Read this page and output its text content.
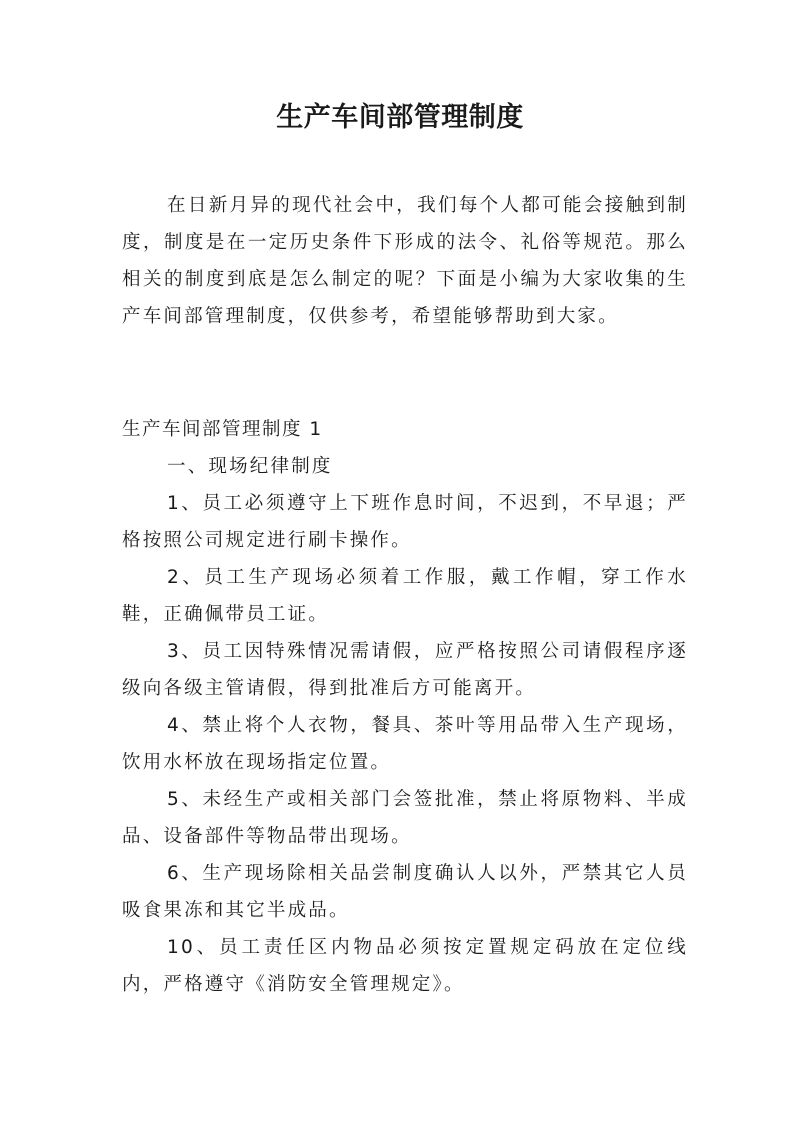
生产车间部管理制度

在日新月异的现代社会中，我们每个人都可能会接触到制度，制度是在一定历史条件下形成的法令、礼俗等规范。那么相关的制度到底是怎么制定的呢？下面是小编为大家收集的生产车间部管理制度，仅供参考，希望能够帮助到大家。

生产车间部管理制度 1

一、现场纪律制度

1、员工必须遵守上下班作息时间，不迟到，不早退；严格按照公司规定进行刷卡操作。

2、员工生产现场必须着工作服，戴工作帽，穿工作水鞋，正确佩带员工证。

3、员工因特殊情况需请假，应严格按照公司请假程序逐级向各级主管请假，得到批准后方可能离开。

4、禁止将个人衣物，餐具、茶叶等用品带入生产现场，饮用水杯放在现场指定位置。

5、未经生产或相关部门会签批准，禁止将原物料、半成品、设备部件等物品带出现场。

6、生产现场除相关品尝制度确认人以外，严禁其它人员吸食果冻和其它半成品。

10、员工责任区内物品必须按定置规定码放在定位线内，严格遵守《消防安全管理规定》。
